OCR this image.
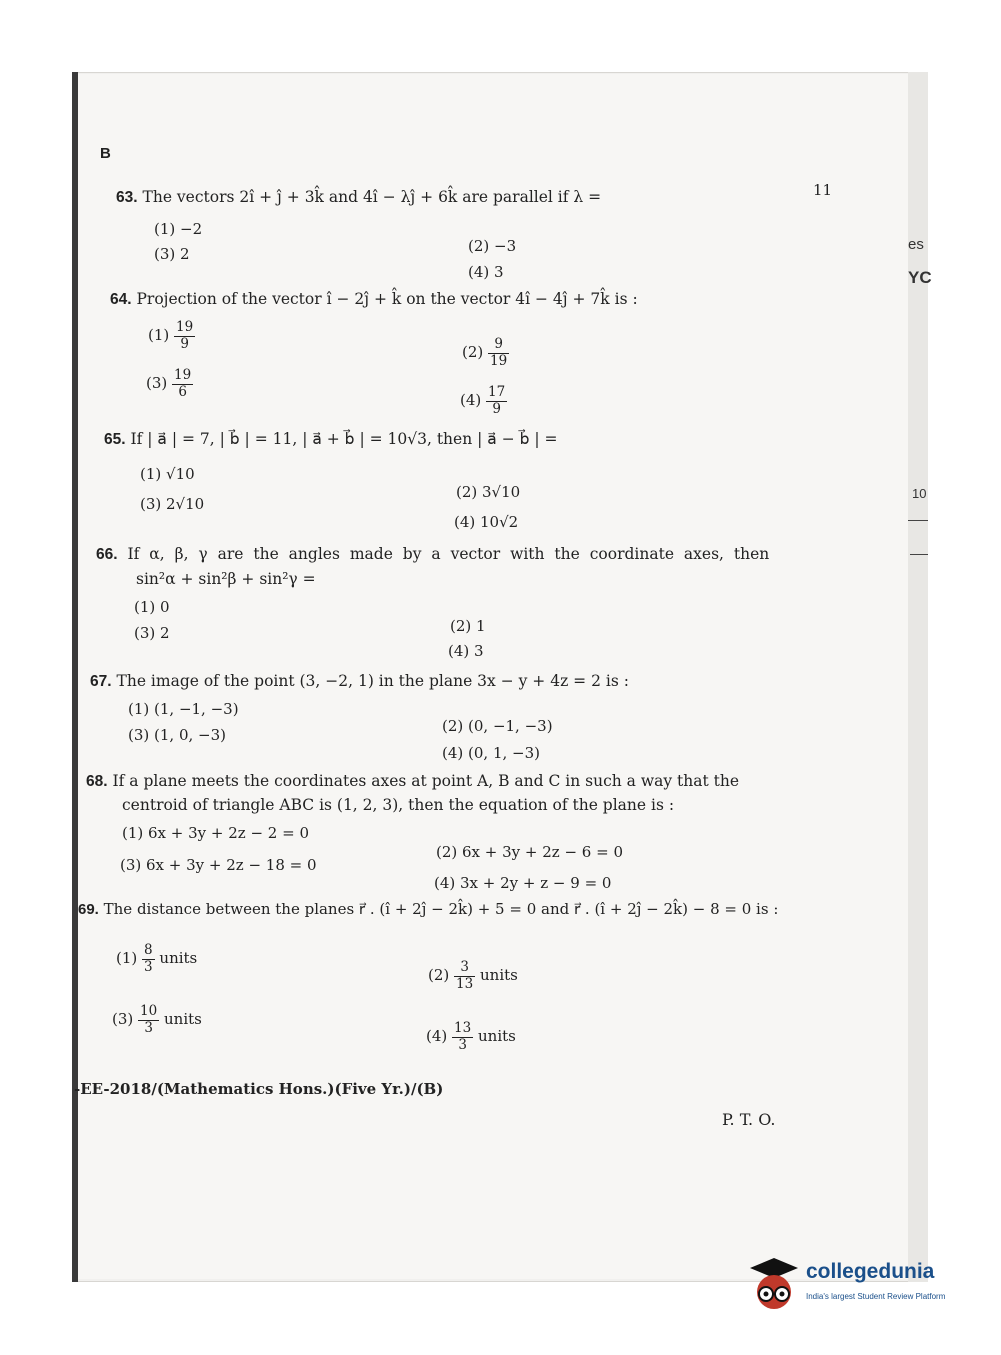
es
YC
10
B
11
63. The vectors 2î + ĵ + 3k̂ and 4î − λĵ + 6k̂ are parallel if λ =
(1) −2
(2) −3
(3) 2
(4) 3
64. Projection of the vector î − 2ĵ + k̂ on the vector 4î − 4ĵ + 7k̂ is :
$(1) \frac{19}{9}$	$(2) \frac{9}{19}$
$(3) \frac{19}{6}$	$(4) \frac{17}{9}$
65. If | a⃗ | = 7, | b⃗ | = 11, | a⃗ + b⃗ | = 10√3, then | a⃗ − b⃗ | =
(1) √10
(2) 3√10
(3) 2√10
(4) 10√2
66. If α, β, γ are the angles made by a vector with the coordinate axes, then
sin²α + sin²β + sin²γ =
(1) 0
(2) 1
(3) 2
(4) 3
67. The image of the point (3, −2, 1) in the plane 3x − y + 4z = 2 is :
(1) (1, −1, −3)
(2) (0, −1, −3)
(3) (1, 0, −3)
(4) (0, 1, −3)
68. If a plane meets the coordinates axes at point A, B and C in such a way that the
centroid of triangle ABC is (1, 2, 3), then the equation of the plane is :
(1) 6x + 3y + 2z − 2 = 0
(2) 6x + 3y + 2z − 6 = 0
(3) 6x + 3y + 2z − 18 = 0
(4) 3x + 2y + z − 9 = 0
69. The distance between the planes r⃗ . (î + 2ĵ − 2k̂) + 5 = 0 and r⃗ . (î + 2ĵ − 2k̂) − 8 = 0 is :
$(1) \frac{8}{3}$ units
$(2) \frac{3}{13}$ units
$(3) \frac{10}{3}$ units
$(4) \frac{13}{3}$ units
-EE-2018/(Mathematics Hons.)(Five Yr.)/(B)
P. T. O.
collegedunia
India's largest Student Review Platform
